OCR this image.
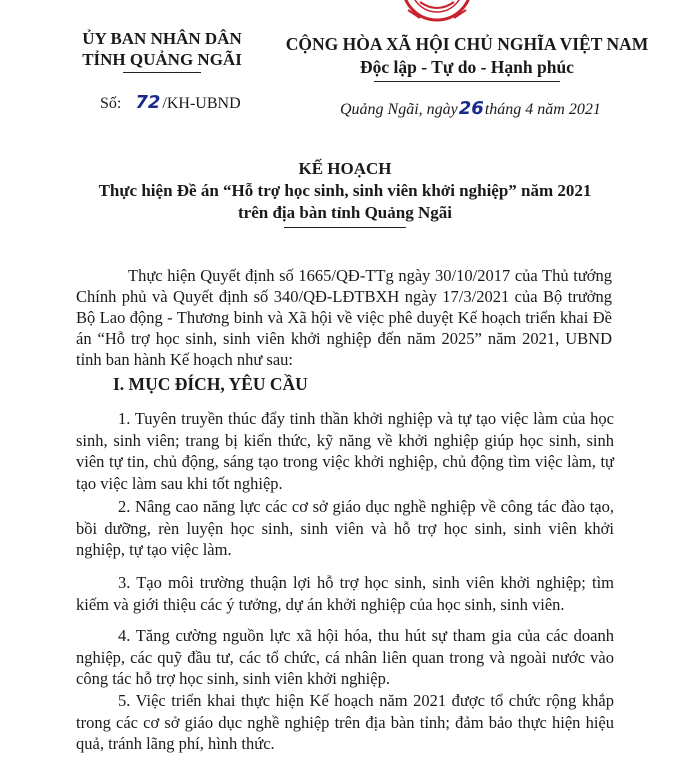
ỦY BAN NHÂN DÂN
TỈNH QUẢNG NGÃI
CỘNG HÒA XÃ HỘI CHỦ NGHĨA VIỆT NAM
Độc lập - Tự do - Hạnh phúc
Số: 72 /KH-UBND	Quảng Ngãi, ngày26tháng 4 năm 2021
KẾ HOẠCH
Thực hiện Đề án “Hỗ trợ học sinh, sinh viên khởi nghiệp” năm 2021
trên địa bàn tỉnh Quảng Ngãi
Thực hiện Quyết định số 1665/QĐ-TTg ngày 30/10/2017 của Thủ tướng Chính phủ và Quyết định số 340/QĐ-LĐTBXH ngày 17/3/2021 của Bộ trưởng Bộ Lao động - Thương binh và Xã hội về việc phê duyệt Kế hoạch triển khai Đề án “Hỗ trợ học sinh, sinh viên khởi nghiệp đến năm 2025” năm 2021, UBND tỉnh ban hành Kế hoạch như sau:
I. MỤC ĐÍCH, YÊU CẦU
1. Tuyên truyền thúc đẩy tinh thần khởi nghiệp và tự tạo việc làm của học sinh, sinh viên; trang bị kiến thức, kỹ năng về khởi nghiệp giúp học sinh, sinh viên tự tin, chủ động, sáng tạo trong việc khởi nghiệp, chủ động tìm việc làm, tự tạo việc làm sau khi tốt nghiệp.
2. Nâng cao năng lực các cơ sở giáo dục nghề nghiệp về công tác đào tạo, bồi dưỡng, rèn luyện học sinh, sinh viên và hỗ trợ học sinh, sinh viên khởi nghiệp, tự tạo việc làm.
3. Tạo môi trường thuận lợi hỗ trợ học sinh, sinh viên khởi nghiệp; tìm kiếm và giới thiệu các ý tưởng, dự án khởi nghiệp của học sinh, sinh viên.
4. Tăng cường nguồn lực xã hội hóa, thu hút sự tham gia của các doanh nghiệp, các quỹ đầu tư, các tổ chức, cá nhân liên quan trong và ngoài nước vào công tác hỗ trợ học sinh, sinh viên khởi nghiệp.
5. Việc triển khai thực hiện Kế hoạch năm 2021 được tổ chức rộng khắp trong các cơ sở giáo dục nghề nghiệp trên địa bàn tỉnh; đảm bảo thực hiện hiệu quả, tránh lãng phí, hình thức.
